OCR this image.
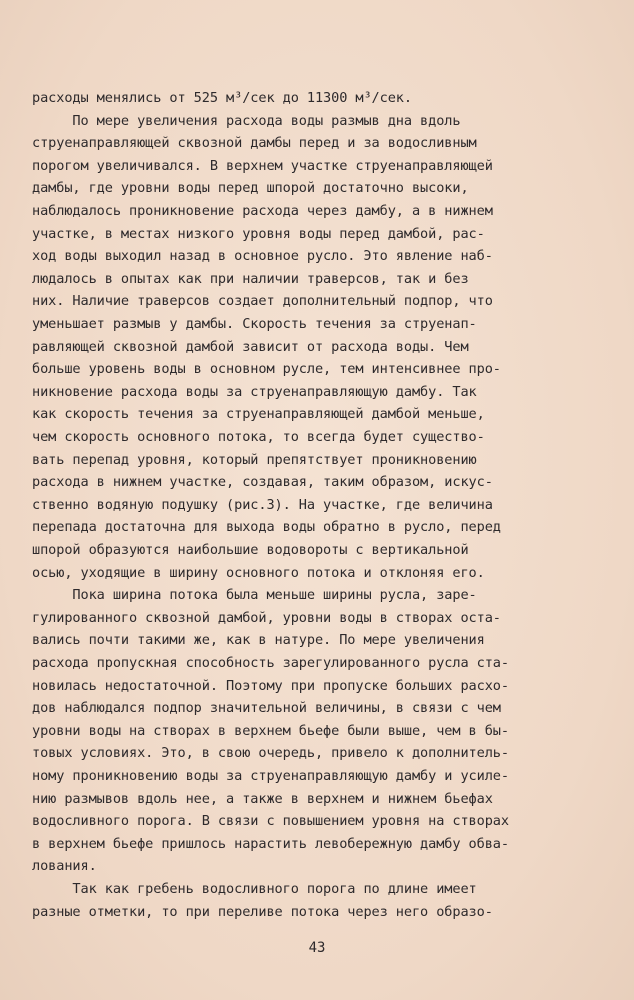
расходы менялись от 525 м³/сек до 11300 м³/сек.
По мере увеличения расхода воды размыв дна вдоль
струенаправляющей сквозной дамбы перед и за водосливным
порогом увеличивался. В верхнем участке струенаправляющей
дамбы, где уровни воды перед шпорой достаточно высоки,
наблюдалось проникновение расхода через дамбу, а в нижнем
участке, в местах низкого уровня воды перед дамбой, рас-
ход воды выходил назад в основное русло. Это явление наб-
людалось в опытах как при наличии траверсов, так и без
них. Наличие траверсов создает дополнительный подпор, что
уменьшает размыв у дамбы. Скорость течения за струенап-
равляющей сквозной дамбой зависит от расхода воды. Чем
больше уровень воды в основном русле, тем интенсивнее про-
никновение расхода воды за струенаправляющую дамбу. Так
как скорость течения за струенаправляющей дамбой меньше,
чем скорость основного потока, то всегда будет существо-
вать перепад уровня, который препятствует проникновению
расхода в нижнем участке, создавая, таким образом, искус-
ственно водяную подушку (рис.3). На участке, где величина
перепада достаточна для выхода воды обратно в русло, перед
шпорой образуются наибольшие водовороты с вертикальной
осью, уходящие в ширину основного потока и отклоняя его.
Пока ширина потока была меньше ширины русла, заре-
гулированного сквозной дамбой, уровни воды в створах оста-
вались почти такими же, как в натуре. По мере увеличения
расхода пропускная способность зарегулированного русла ста-
новилась недостаточной. Поэтому при пропуске больших расхо-
дов наблюдался подпор значительной величины, в связи с чем
уровни воды на створах в верхнем бьефе были выше, чем в бы-
товых условиях. Это, в свою очередь, привело к дополнитель-
ному проникновению воды за струенаправляющую дамбу и усиле-
нию размывов вдоль нее, а также в верхнем и нижнем бьефах
водосливного порога. В связи с повышением уровня на створах
в верхнем бьефе пришлось нарастить левобережную дамбу обва-
лования.
Так как гребень водосливного порога по длине имеет
разные отметки, то при переливе потока через него образо-
43
